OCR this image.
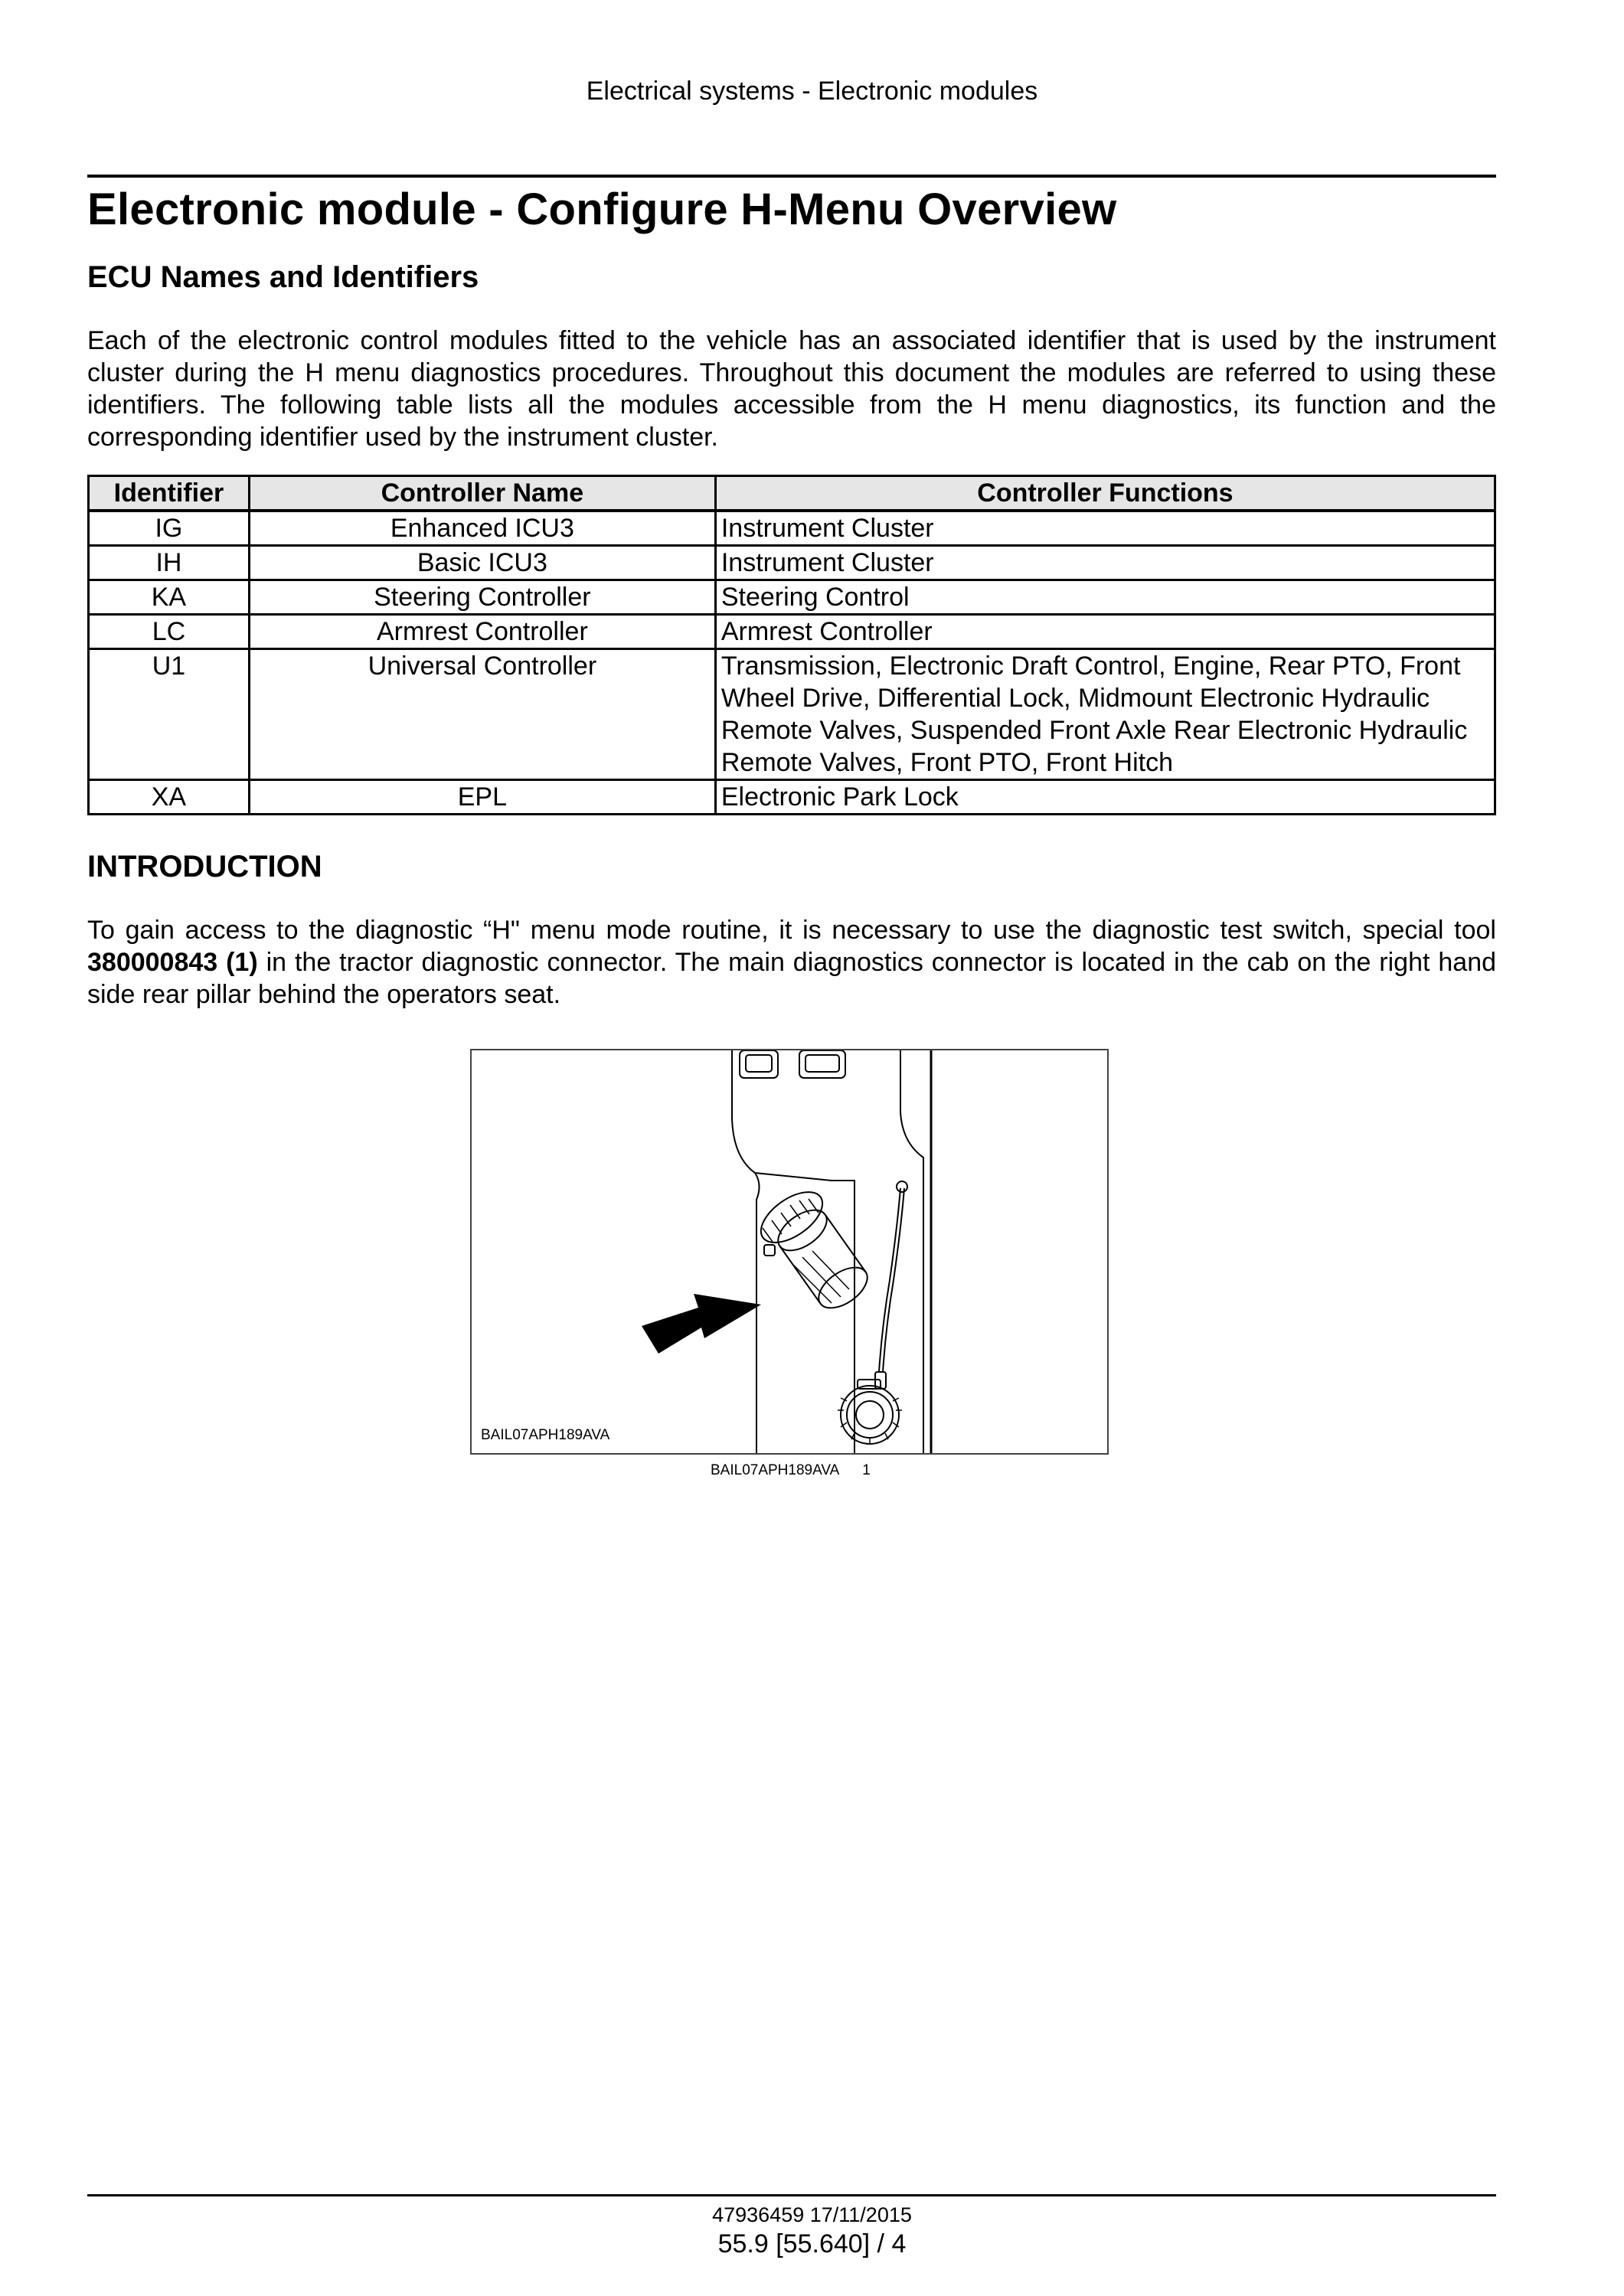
Electrical systems - Electronic modules
Electronic module - Configure H-Menu Overview
ECU Names and Identifiers
Each of the electronic control modules fitted to the vehicle has an associated identifier that is used by the instrument cluster during the H menu diagnostics procedures. Throughout this document the modules are referred to using these identifiers. The following table lists all the modules accessible from the H menu diagnostics, its function and the corresponding identifier used by the instrument cluster.
Identifier	Controller Name	Controller Functions
IG	Enhanced ICU3	Instrument Cluster
IH	Basic ICU3	Instrument Cluster
KA	Steering Controller	Steering Control
LC	Armrest Controller	Armrest Controller
U1	Universal Controller	Transmission, Electronic Draft Control, Engine, Rear PTO, Front Wheel Drive, Differential Lock, Midmount Electronic Hydraulic Remote Valves, Suspended Front Axle Rear Electronic Hydraulic Remote Valves, Front PTO, Front Hitch
XA	EPL	Electronic Park Lock
INTRODUCTION
To gain access to the diagnostic “H" menu mode routine, it is necessary to use the diagnostic test switch, special tool 380000843 (1) in the tractor diagnostic connector. The main diagnostics connector is located in the cab on the right hand side rear pillar behind the operators seat.
BAIL07APH189AVA
BAIL07APH189AVA 1
47936459 17/11/2015
55.9 [55.640] / 4
